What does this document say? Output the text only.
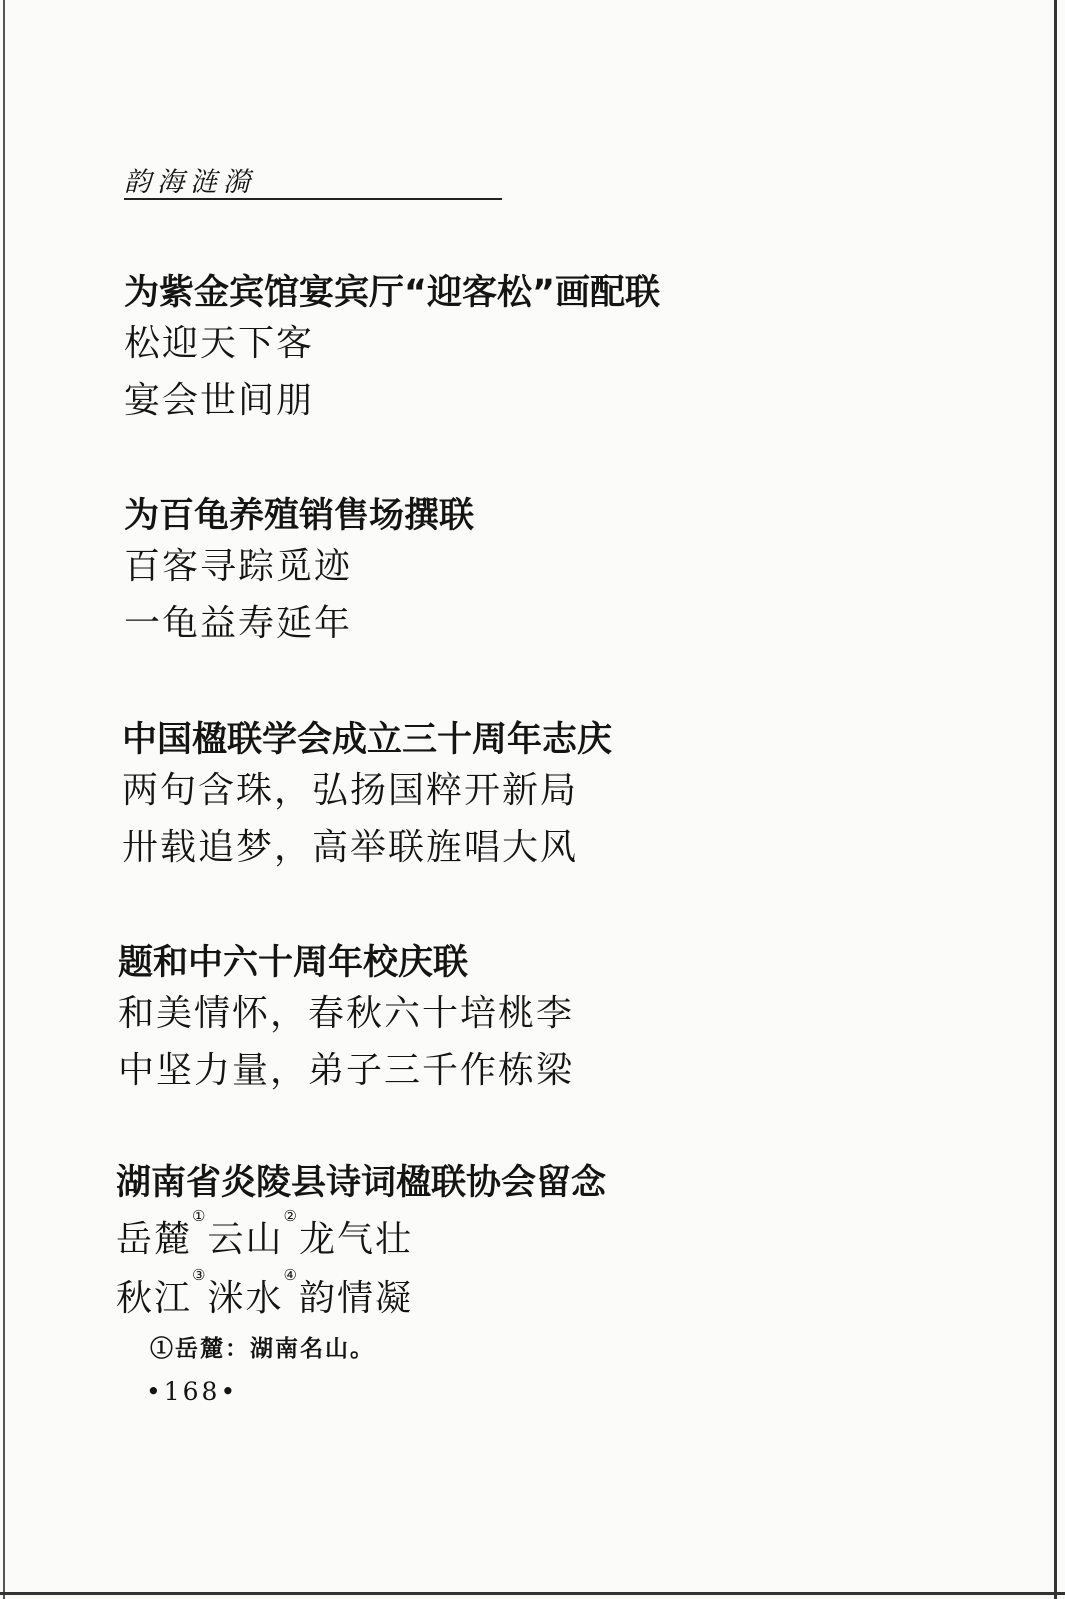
韵海涟漪
为紫金宾馆宴宾厅“迎客松”画配联
松迎天下客
宴会世间朋
为百龟养殖销售场撰联
百客寻踪觅迹
一龟益寿延年
中国楹联学会成立三十周年志庆
两句含珠，弘扬国粹开新局
卅载追梦，高举联旌唱大风
题和中六十周年校庆联
和美情怀，春秋六十培桃李
中坚力量，弟子三千作栋梁
湖南省炎陵县诗词楹联协会留念
岳麓①云山②龙气壮
秋江③洣水④韵情凝
①岳麓：湖南名山。
•168•
